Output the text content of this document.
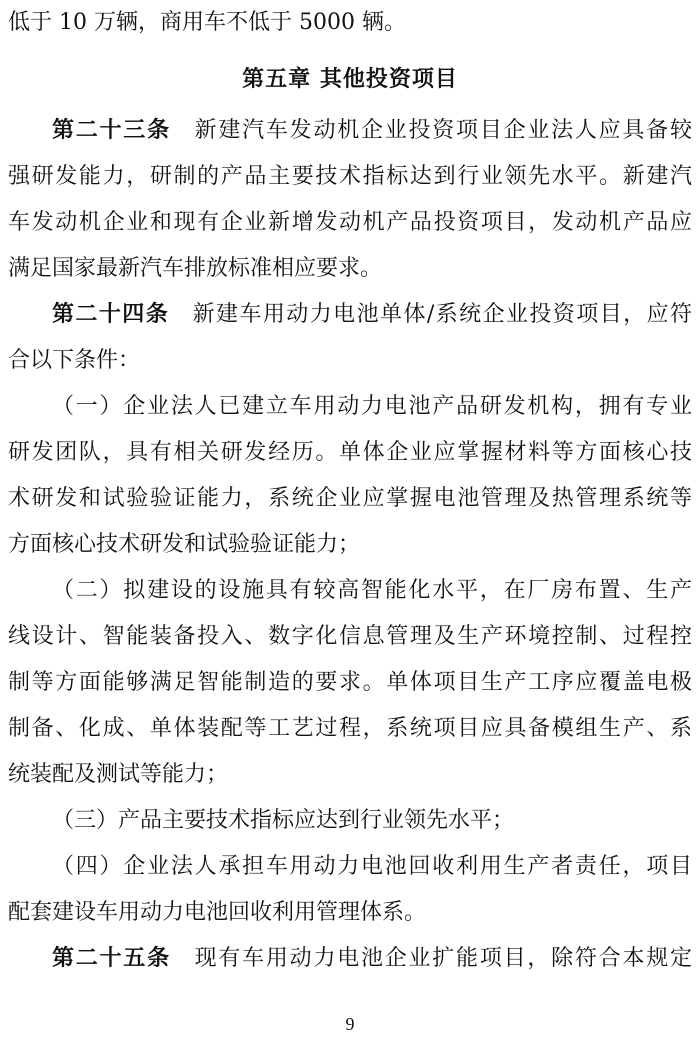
第五章 其他投资项目
低于 10 万辆，商用车不低于 5000 辆。
第二十三条 新建汽车发动机企业投资项目企业法人应具备较
强研发能力，研制的产品主要技术指标达到行业领先水平。新建汽
车发动机企业和现有企业新增发动机产品投资项目，发动机产品应
满足国家最新汽车排放标准相应要求。
第二十四条 新建车用动力电池单体/系统企业投资项目，应符
合以下条件：
（一）企业法人已建立车用动力电池产品研发机构，拥有专业
研发团队，具有相关研发经历。单体企业应掌握材料等方面核心技
术研发和试验验证能力，系统企业应掌握电池管理及热管理系统等
方面核心技术研发和试验验证能力；
（二）拟建设的设施具有较高智能化水平，在厂房布置、生产
线设计、智能装备投入、数字化信息管理及生产环境控制、过程控
制等方面能够满足智能制造的要求。单体项目生产工序应覆盖电极
制备、化成、单体装配等工艺过程，系统项目应具备模组生产、系
统装配及测试等能力；
（三）产品主要技术指标应达到行业领先水平；
（四）企业法人承担车用动力电池回收利用生产者责任，项目
配套建设车用动力电池回收利用管理体系。
第二十五条 现有车用动力电池企业扩能项目，除符合本规定
9
